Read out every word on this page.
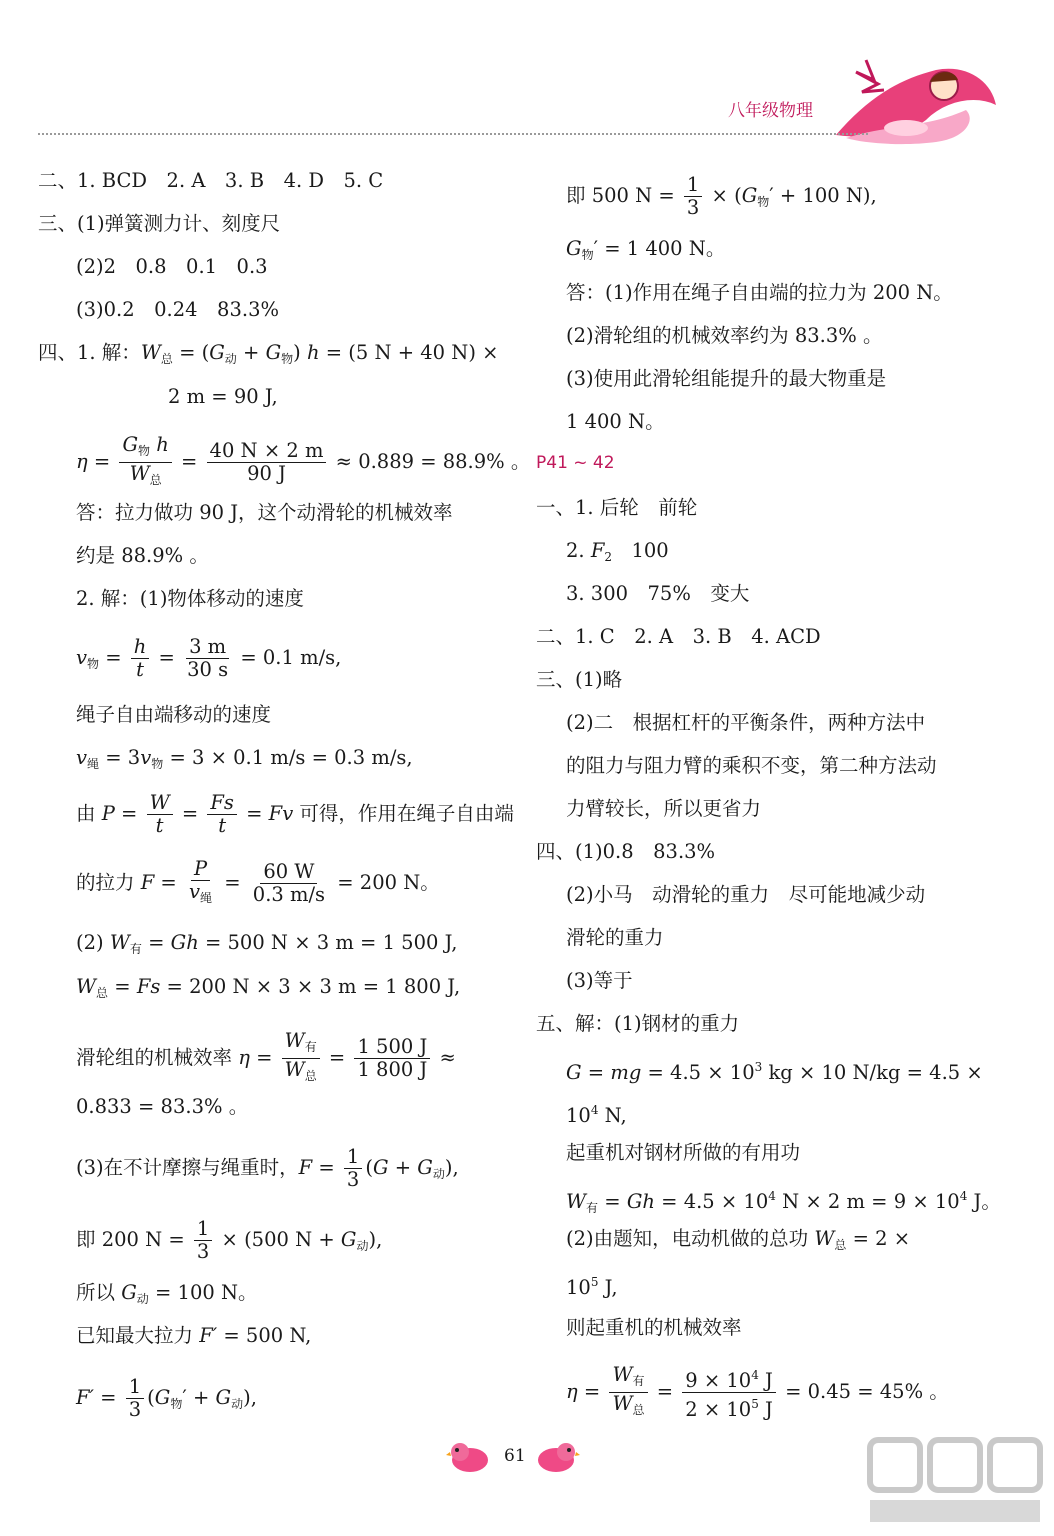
八年级物理
二、1. BCD　2. A　3. B　4. D　5. C
三、(1)弹簧测力计、刻度尺
(2)2　0.8　0.1　0.3
(3)0.2　0.24　83.3%
四、1. 解：$W_总 = (G_动 + G_物) h = (5$ N + 40 N) ×
2 m = 90 J,
$\eta = \frac{G_物 h}{W_总} = \frac{40 N \times 2 m}{90 J} \approx 0.889 = 88.9\%$ 。
答：拉力做功 90 J，这个动滑轮的机械效率
约是 88.9% 。
2. 解：(1)物体移动的速度
$v_物 = \frac{h}{t} = \frac{3 m}{30 s} = 0.1$ m/s,
绳子自由端移动的速度
$v_绳 = 3v_物 = 3 \times 0.1$ m/s = 0.3 m/s,
由 $P = \frac{W}{t} = \frac{Fs}{t} = Fv$ 可得，作用在绳子自由端
的拉力 $F = \frac{P}{v_绳} = \frac{60 W}{0.3 m/s} = 200$ N。
(2) $W_有 = Gh = 500$ N × 3 m = 1 500 J,
$W_总 = Fs = 200$ N × 3 × 3 m = 1 800 J,
滑轮组的机械效率 $\eta = \frac{W_有}{W_总} = \frac{1 500 J}{1 800 J}$ ≈
0.833 = 83.3% 。
(3)在不计摩擦与绳重时，$F = \frac{1}{3} (G + G_动)$,
即 200 $N = \frac{1}{3} \times (500$ $N + G_动$),
所以 $G_动 = 100$ N。
已知最大拉力 F′ = 500 N,
$F' = \frac{1}{3} (G_物' + G_动)$,
即 500 $N = \frac{1}{3} \times (G_物' + 100$ N),
$G_物' = 1$ 400 N。
答：(1)作用在绳子自由端的拉力为 200 N。
(2)滑轮组的机械效率约为 83.3% 。
(3)使用此滑轮组能提升的最大物重是
1 400 N。
P41 ~ 42
一、1. 后轮　前轮
2. $F_2$　100
3. 300　75%　变大
二、1. C　2. A　3. B　4. ACD
三、(1)略
(2)二　根据杠杆的平衡条件，两种方法中
的阻力与阻力臂的乘积不变，第二种方法动
力臂较长，所以更省力
四、(1)0.8　83.3%
(2)小马　动滑轮的重力　尽可能地减少动
滑轮的重力
(3)等于
五、解：(1)钢材的重力
G = mg = $4.5 \times 10^3$ kg × 10 N/kg = 4.5 ×
$10^4$ N,
起重机对钢材所做的有用功
$W_有 = Gh = 4.5 \times 10^4$ N × 2 $m = 9 \times 10^4$ J。
(2)由题知，电动机做的总功 $W_总 = 2$ ×
$10^5$ J,
则起重机的机械效率
$\eta = \frac{W_有}{W_总} = \frac{9 \times 10^4 J}{2 \times 10^5 J} = 0.45 = 45\%$ 。
61
